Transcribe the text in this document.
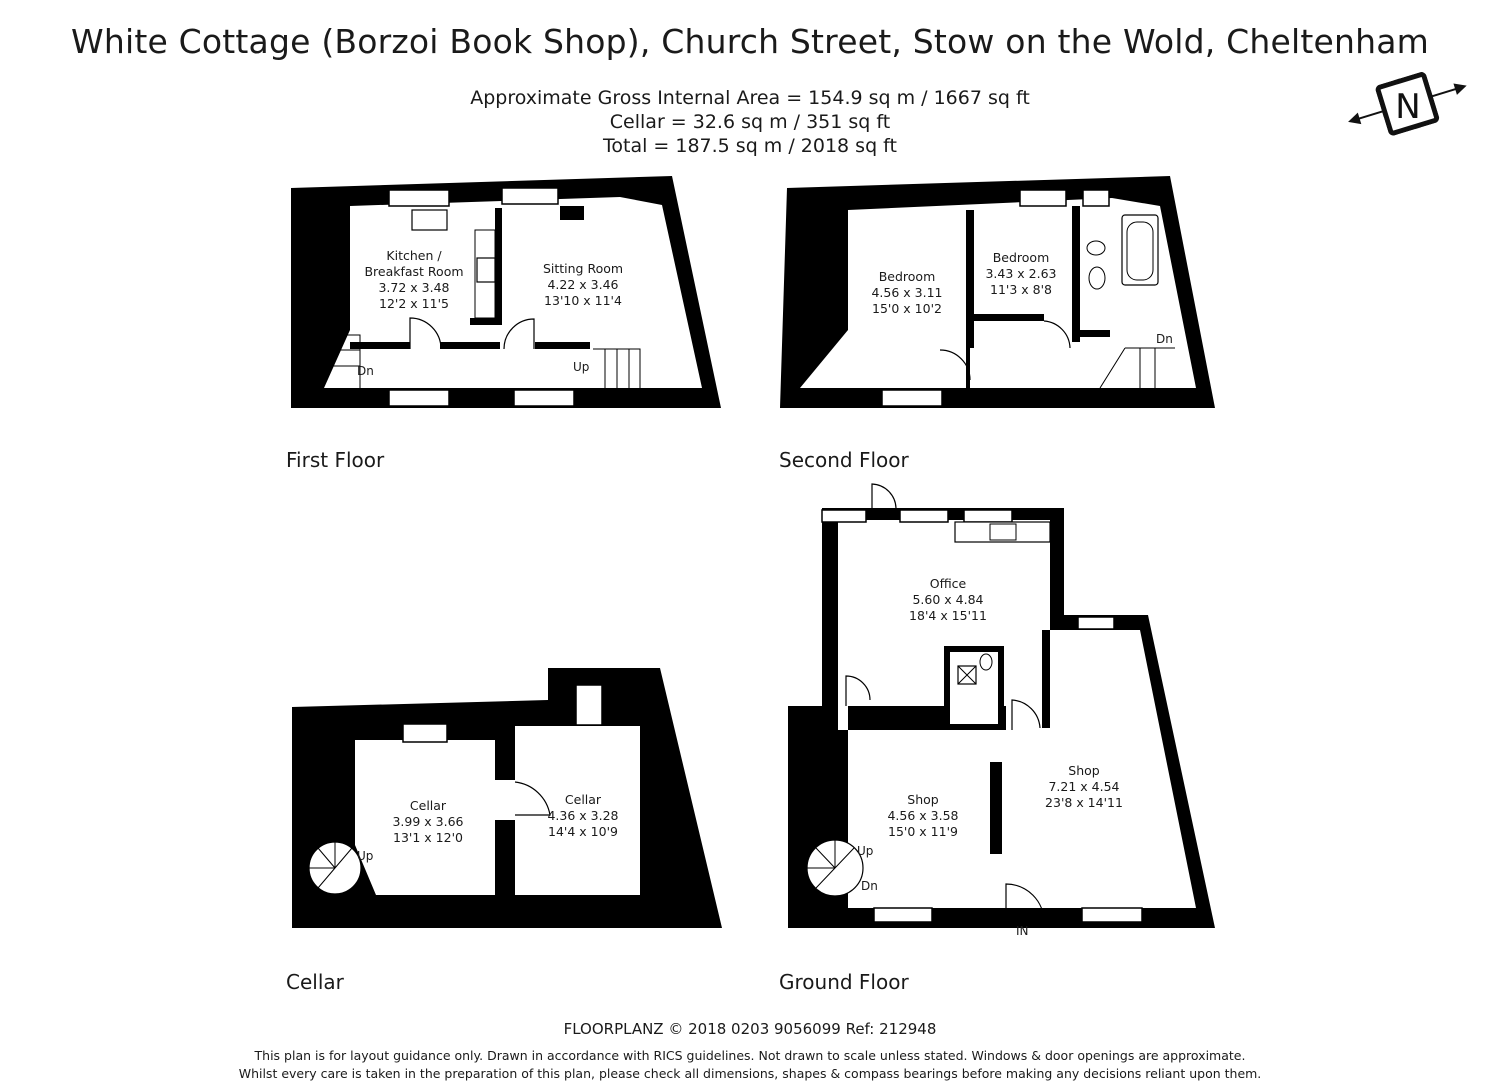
White Cottage (Borzoi Book Shop), Church Street, Stow on the Wold, Cheltenham
Approximate Gross Internal Area = 154.9 sq m / 1667 sq ft
Cellar = 32.6 sq m / 351 sq ft
Total = 187.5 sq m / 2018 sq ft
N
First Floor	Second Floor
Cellar	Ground Floor
Kitchen /
Breakfast Room
3.72 x 3.48
12'2 x 11'5
Sitting Room
4.22 x 3.46
13'10 x 11'4
Dn	Up
Bedroom
4.56 x 3.11
15'0 x 10'2
Bedroom
3.43 x 2.63
11'3 x 8'8
Dn
Cellar
3.99 x 3.66
13'1 x 12'0
Cellar
4.36 x 3.28
14'4 x 10'9
Up
Office
5.60 x 4.84
18'4 x 15'11
Shop
4.56 x 3.58
15'0 x 11'9
Shop
7.21 x 4.54
23'8 x 14'11
Up
Dn
IN
FLOORPLANZ © 2018 0203 9056099 Ref: 212948
This plan is for layout guidance only. Drawn in accordance with RICS guidelines. Not drawn to scale unless stated. Windows & door openings are approximate.
Whilst every care is taken in the preparation of this plan, please check all dimensions, shapes & compass bearings before making any decisions reliant upon them.
